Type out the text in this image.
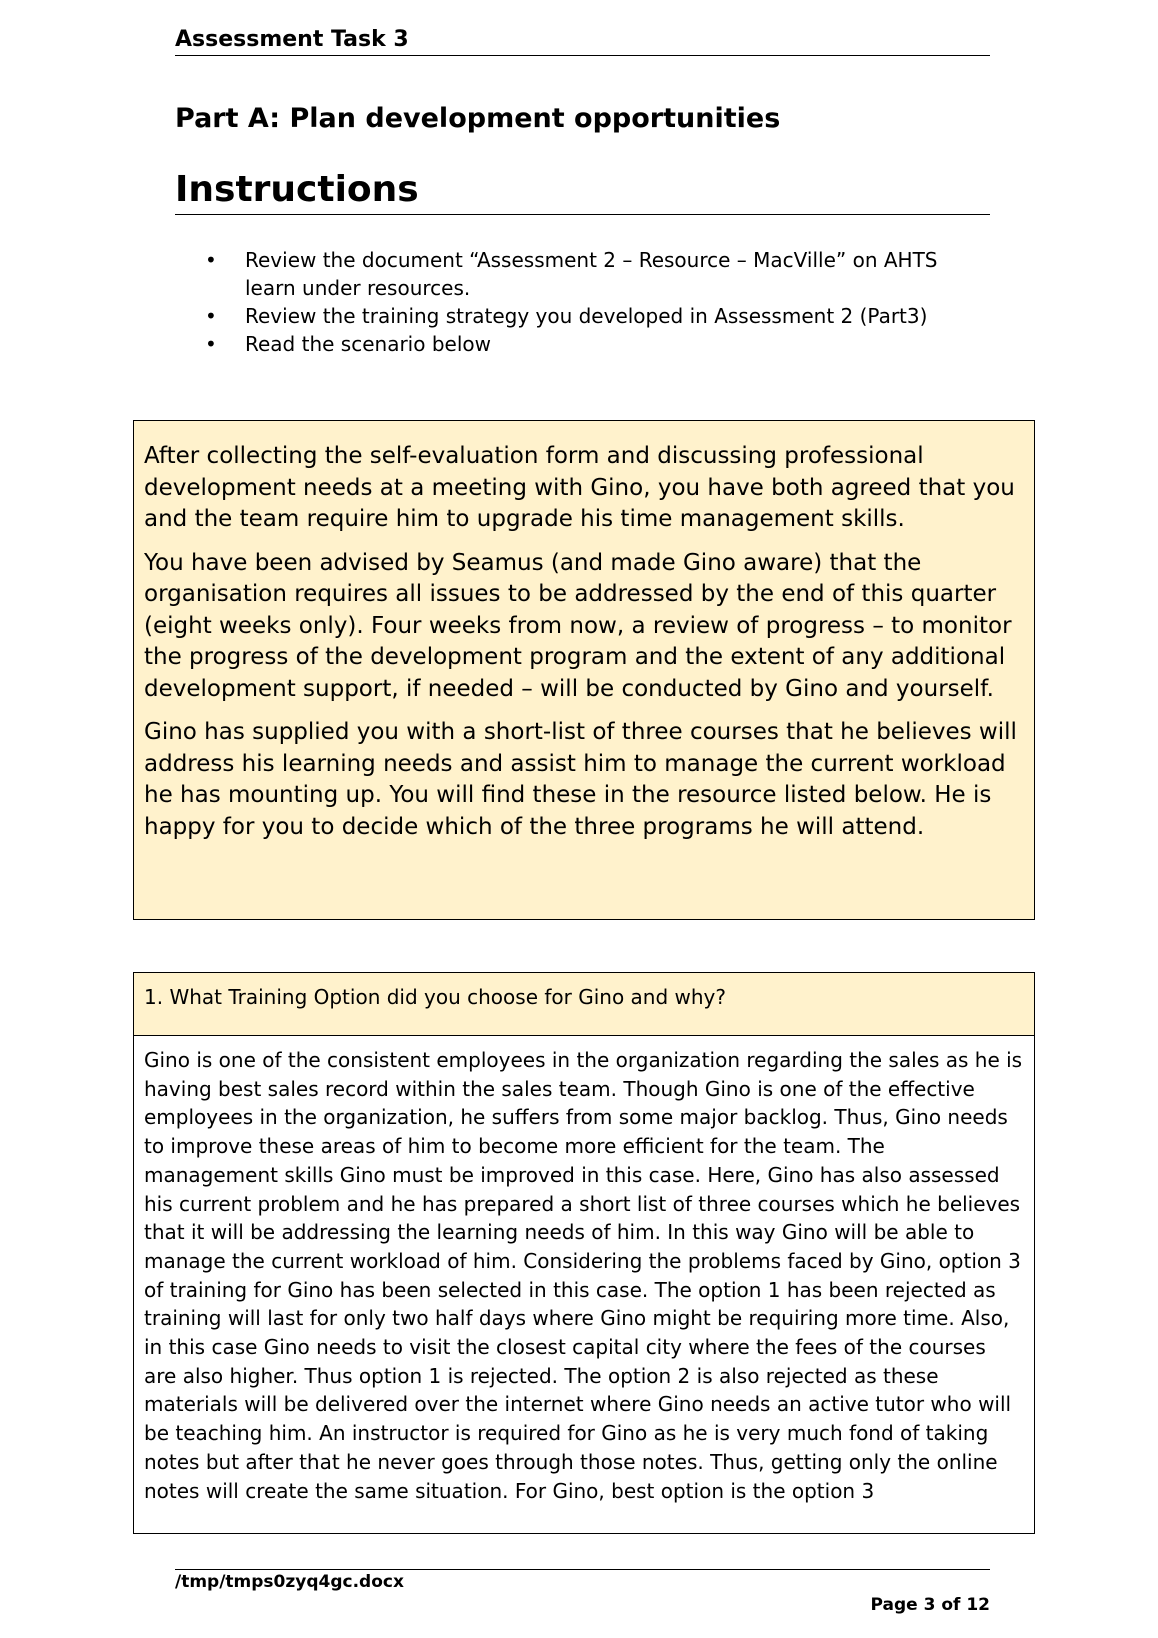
Assessment Task 3
Part A: Plan development opportunities
Instructions
• Review the document “Assessment 2 – Resource – MacVille” on AHTS learn under resources.
• Review the training strategy you developed in Assessment 2 (Part3)
• Read the scenario below

After collecting the self-evaluation form and discussing professional development needs at a meeting with Gino, you have both agreed that you and the team require him to upgrade his time management skills.

You have been advised by Seamus (and made Gino aware) that the organisation requires all issues to be addressed by the end of this quarter (eight weeks only). Four weeks from now, a review of progress – to monitor the progress of the development program and the extent of any additional development support, if needed – will be conducted by Gino and yourself.

Gino has supplied you with a short-list of three courses that he believes will address his learning needs and assist him to manage the current workload he has mounting up. You will find these in the resource listed below. He is happy for you to decide which of the three programs he will attend.

1. What Training Option did you choose for Gino and why?
Gino is one of the consistent employees in the organization regarding the sales as he is having best sales record within the sales team. Though Gino is one of the effective employees in the organization, he suffers from some major backlog. Thus, Gino needs to improve these areas of him to become more efficient for the team. The management skills Gino must be improved in this case. Here, Gino has also assessed his current problem and he has prepared a short list of three courses which he believes that it will be addressing the learning needs of him. In this way Gino will be able to manage the current workload of him. Considering the problems faced by Gino, option 3 of training for Gino has been selected in this case. The option 1 has been rejected as training will last for only two half days where Gino might be requiring more time. Also, in this case Gino needs to visit the closest capital city where the fees of the courses are also higher. Thus option 1 is rejected. The option 2 is also rejected as these materials will be delivered over the internet where Gino needs an active tutor who will be teaching him. An instructor is required for Gino as he is very much fond of taking notes but after that he never goes through those notes. Thus, getting only the online notes will create the same situation. For Gino, best option is the option 3
/tmp/tmps0zyq4gc.docx
Page 3 of 12
